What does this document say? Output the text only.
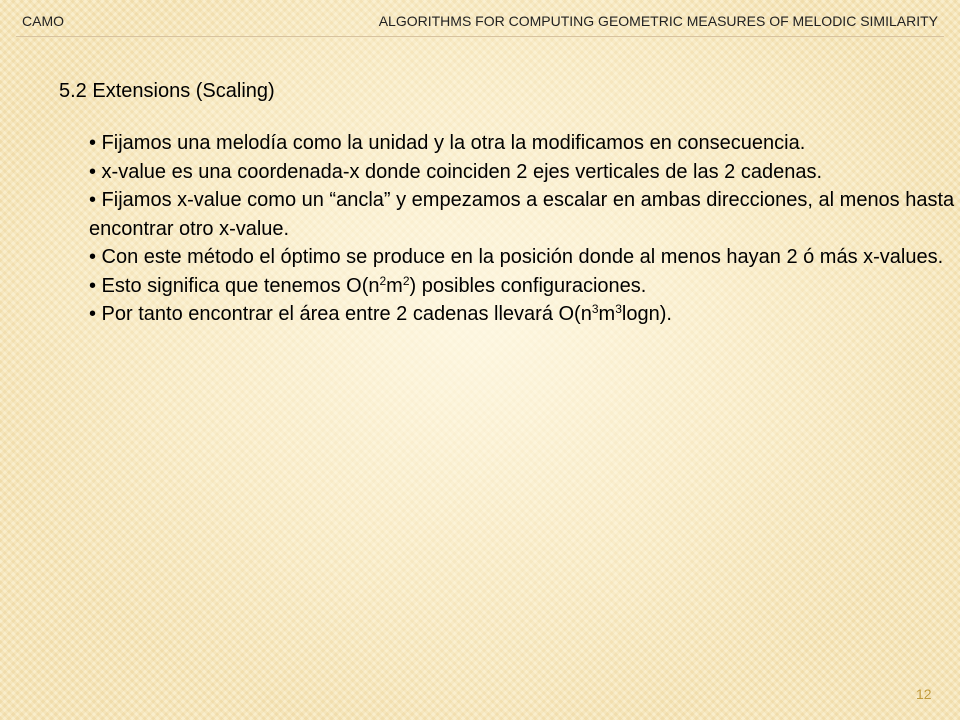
CAMO	ALGORITHMS FOR COMPUTING GEOMETRIC MEASURES OF MELODIC SIMILARITY
5.2 Extensions (Scaling)
• Fijamos una melodía como la unidad y la otra la modificamos en consecuencia.
• x-value es una coordenada-x donde coinciden 2 ejes verticales de las 2 cadenas.
• Fijamos x-value como un “ancla” y empezamos a escalar en ambas direcciones, al menos hasta encontrar otro x-value.
• Con este método el óptimo se produce en la posición donde al menos hayan 2 ó más x-values.
• Esto significa que tenemos $O(n^2m^2)$ posibles configuraciones.
• Por tanto encontrar el área entre 2 cadenas llevará $O(n^3m^3\log n)$.
12
